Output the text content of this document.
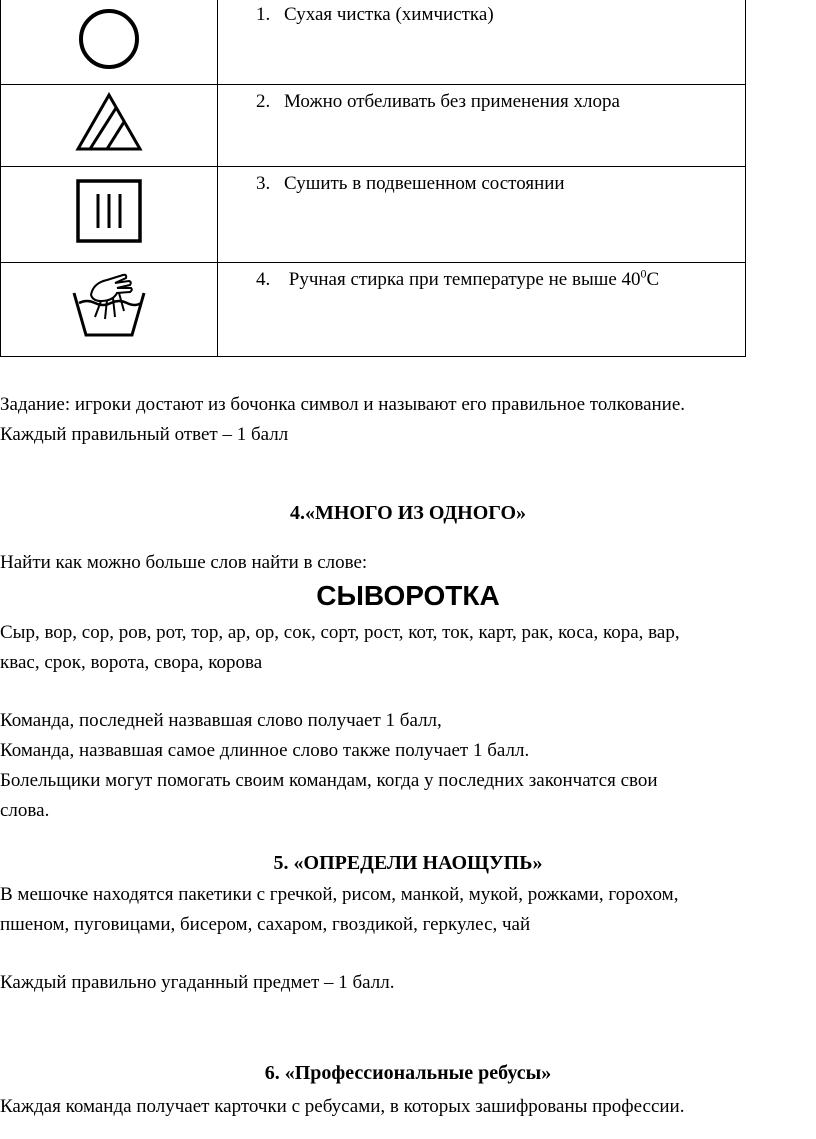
	1. Сухая чистка (химчистка)
	2. Можно отбеливать без применения хлора
	3. Сушить в подвешенном состоянии
	4. Ручная стирка при температуре не выше $40^0С$
Задание: игроки достают из бочонка символ и называют его правильное толкование.
Каждый правильный ответ – 1 балл
4.«МНОГО ИЗ ОДНОГО»
Найти как можно больше слов найти в слове:
СЫВОРОТКА
Сыр, вор, сор, ров, рот, тор, ар, ор, сок, сорт, рост, кот, ток, карт, рак, коса, кора, вар,
квас, срок, ворота, свора, корова
Команда, последней назвавшая слово получает 1 балл,
Команда, назвавшая самое длинное слово также получает 1 балл.
Болельщики могут помогать своим командам, когда у последних закончатся свои
слова.
5. «ОПРЕДЕЛИ НАОЩУПЬ»
В мешочке находятся пакетики с гречкой, рисом, манкой, мукой, рожками, горохом,
пшеном, пуговицами, бисером, сахаром, гвоздикой, геркулес, чай
Каждый правильно угаданный предмет – 1 балл.
6. «Профессиональные ребусы»
Каждая команда получает карточки с ребусами, в которых зашифрованы профессии.
